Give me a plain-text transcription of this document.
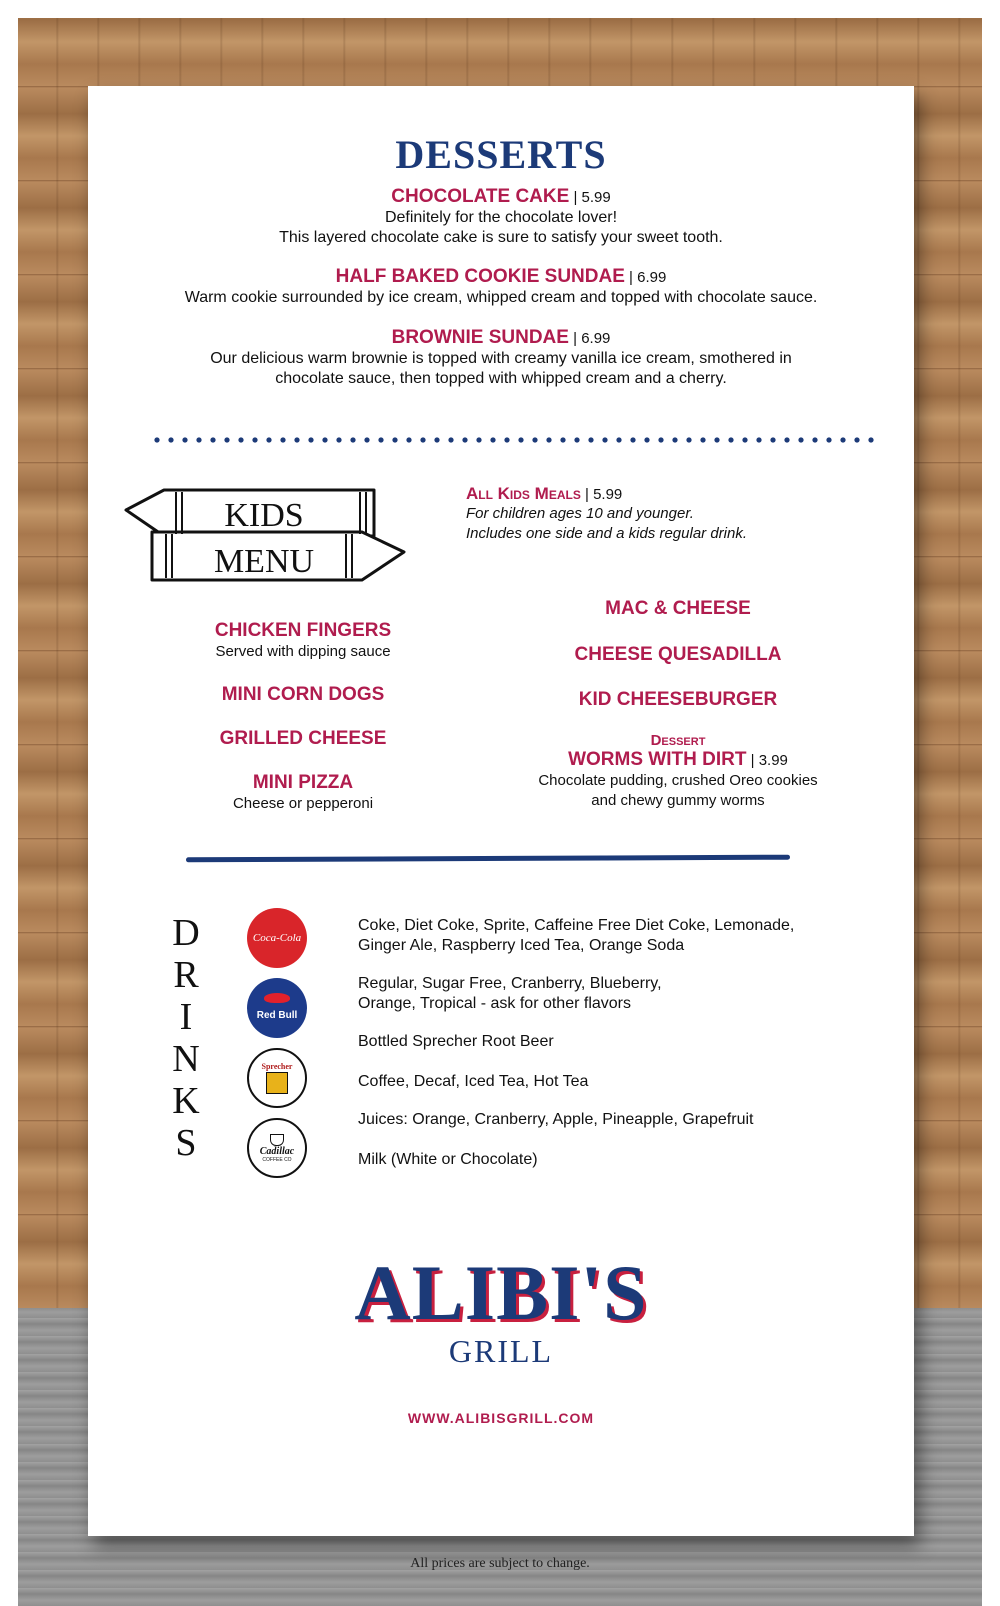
All prices are subject to change.
DESSERTS
CHOCOLATE CAKE | 5.99
Definitely for the chocolate lover!
This layered chocolate cake is sure to satisfy your sweet tooth.
HALF BAKED COOKIE SUNDAE | 6.99
Warm cookie surrounded by ice cream, whipped cream and topped with chocolate sauce.
BROWNIE SUNDAE | 6.99
Our delicious warm brownie is topped with creamy vanilla ice cream, smothered in
chocolate sauce, then topped with whipped cream and a cherry.
KIDS
MENU
All Kids Meals | 5.99
For children ages 10 and younger.
Includes one side and a kids regular drink.
CHICKEN FINGERS
Served with dipping sauce
MINI CORN DOGS
GRILLED CHEESE
MINI PIZZA
Cheese or pepperoni
MAC & CHEESE
CHEESE QUESADILLA
KID CHEESEBURGER
Dessert
WORMS WITH DIRT | 3.99
Chocolate pudding, crushed Oreo cookies
and chewy gummy worms
D
R
I
N
K
S
Coca-Cola
Red Bull
Sprecher
Cadillac
COFFEE CO
Coke, Diet Coke, Sprite, Caffeine Free Diet Coke, Lemonade,
Ginger Ale, Raspberry Iced Tea, Orange Soda
Regular, Sugar Free, Cranberry, Blueberry,
Orange, Tropical - ask for other flavors
Bottled Sprecher Root Beer
Coffee, Decaf, Iced Tea, Hot Tea
Juices: Orange, Cranberry, Apple, Pineapple, Grapefruit
Milk (White or Chocolate)
ALIBI'S
GRILL
WWW.ALIBISGRILL.COM
